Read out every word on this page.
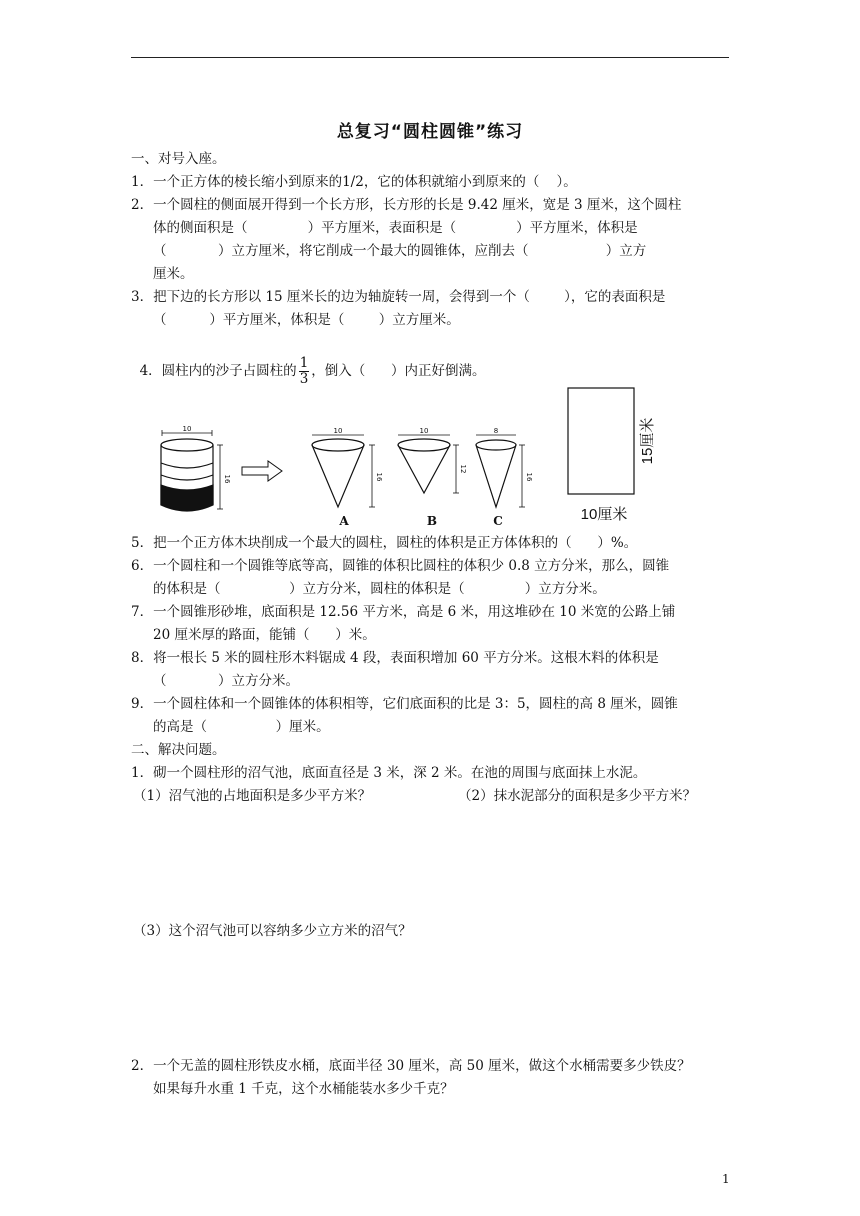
总复习“圆柱圆锥”练习
一、对号入座。
1．一个正方体的棱长缩小到原来的1/2，它的体积就缩小到原来的（    ）。
2．一个圆柱的侧面展开得到一个长方形，长方形的长是 9.42 厘米，宽是 3 厘米，这个圆柱
体的侧面积是（              ）平方厘米，表面积是（              ）平方厘米，体积是
（            ）立方厘米，将它削成一个最大的圆锥体，应削去（                  ）立方
厘米。
3．把下边的长方形以 15 厘米长的边为轴旋转一周，会得到一个（        ），它的表面积是
（          ）平方厘米，体积是（        ）立方厘米。

4．圆柱内的沙子占圆柱的 $\frac{1}{3}$ ，倒入（      ）内正好倒满。

10
16
10
16
10
12
8
16
A	B	C
15厘米
10厘米
5．把一个正方体木块削成一个最大的圆柱，圆柱的体积是正方体体积的（      ）%。
6．一个圆柱和一个圆锥等底等高，圆锥的体积比圆柱的体积少 0.8 立方分米，那么，圆锥
的体积是（                ）立方分米，圆柱的体积是（              ）立方分米。
7．一个圆锥形砂堆，底面积是 12.56 平方米，高是 6 米，用这堆砂在 10 米宽的公路上铺
20 厘米厚的路面，能铺（      ）米。
8．将一根长 5 米的圆柱形木料锯成 4 段，表面积增加 60 平方分米。这根木料的体积是
（            ）立方分米。
9．一个圆柱体和一个圆锥体的体积相等，它们底面积的比是 3：5，圆柱的高 8 厘米，圆锥
的高是（                ）厘米。
二、解决问题。
1．砌一个圆柱形的沼气池，底面直径是 3 米，深 2 米。在池的周围与底面抹上水泥。
（1）沼气池的占地面积是多少平方米？	（2）抹水泥部分的面积是多少平方米？
（3）这个沼气池可以容纳多少立方米的沼气？
2．一个无盖的圆柱形铁皮水桶，底面半径 30 厘米，高 50 厘米，做这个水桶需要多少铁皮？
如果每升水重 1 千克，这个水桶能装水多少千克？
1
